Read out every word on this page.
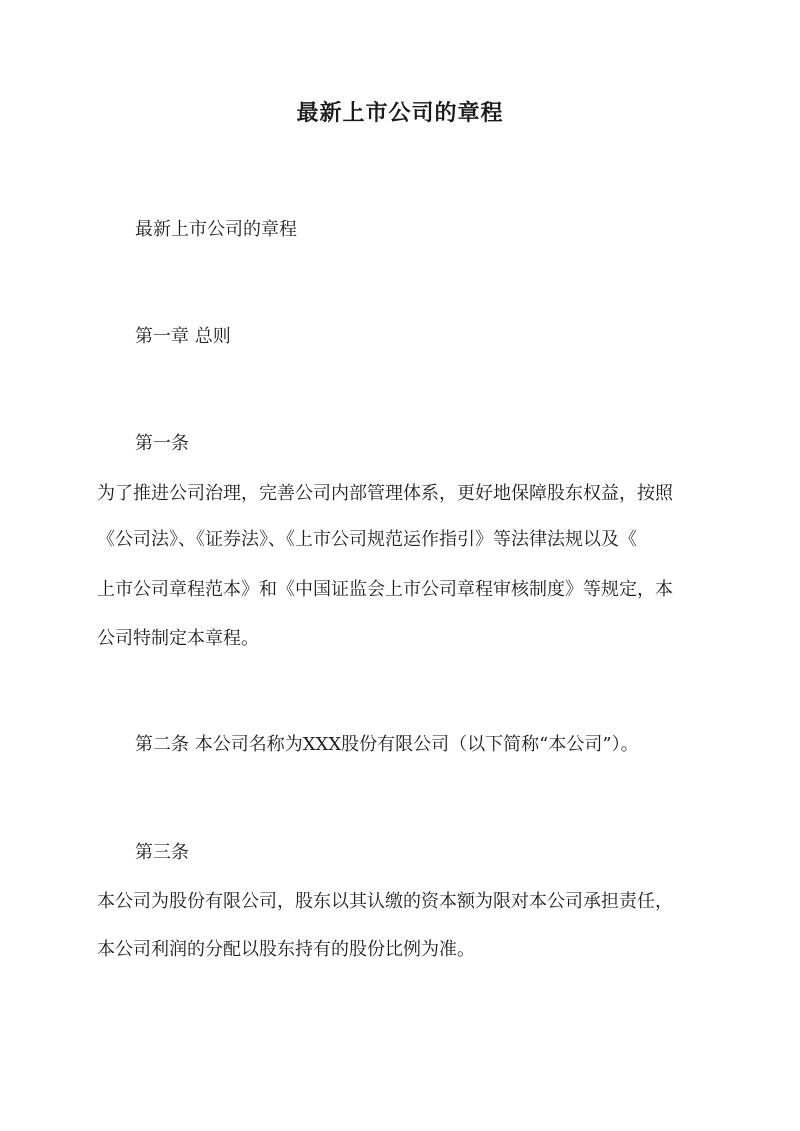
最新上市公司的章程
最新上市公司的章程
第一章 总则
第一条
为了推进公司治理，完善公司内部管理体系，更好地保障股东权益，按照
《公司法》、《证券法》、《上市公司规范运作指引》等法律法规以及《
上市公司章程范本》和《中国证监会上市公司章程审核制度》等规定，本
公司特制定本章程。
第二条 本公司名称为XXX股份有限公司（以下简称“本公司”）。
第三条
本公司为股份有限公司，股东以其认缴的资本额为限对本公司承担责任，
本公司利润的分配以股东持有的股份比例为准。
